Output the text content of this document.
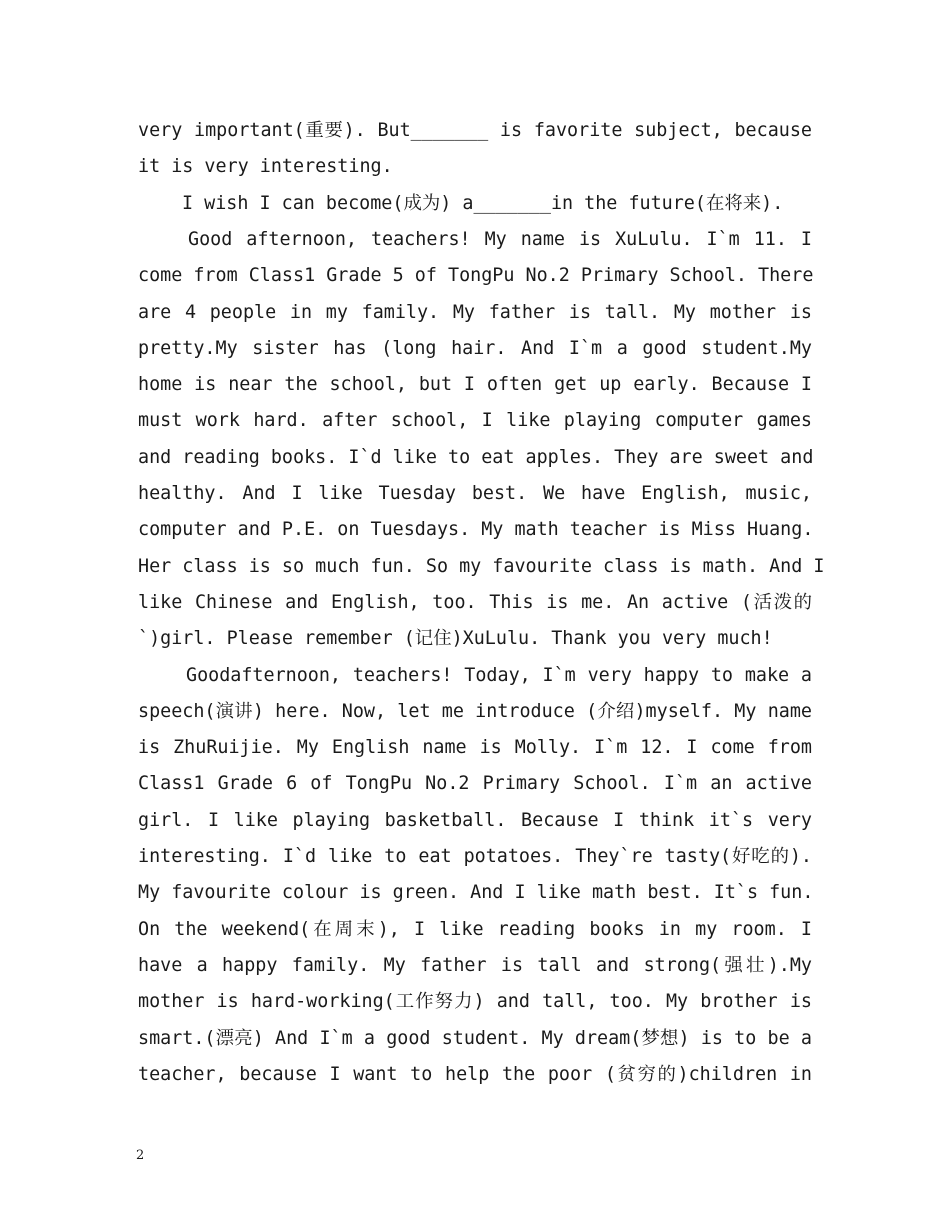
very important(重要). But_______ is favorite subject, because
it is very interesting.
I wish I can become(成为) a_______in the future(在将来).
Good afternoon, teachers! My name is XuLulu. I`m 11. I
come from Class1 Grade 5 of TongPu No.2 Primary School. There
are 4 people in my family. My father is tall. My mother is
pretty.My sister has (long hair. And I`m a good student.My
home is near the school, but I often get up early. Because I
must work hard. after school, I like playing computer games
and reading books. I`d like to eat apples. They are sweet and
healthy. And I like Tuesday best. We have English, music,
computer and P.E. on Tuesdays. My math teacher is Miss Huang.
Her class is so much fun. So my favourite class is math. And I
like Chinese and English, too. This is me. An active (活泼的
`)girl. Please remember (记住)XuLulu. Thank you very much!
Goodafternoon, teachers! Today, I`m very happy to make a
speech(演讲) here. Now, let me introduce (介绍)myself. My name
is ZhuRuijie. My English name is Molly. I`m 12. I come from
Class1 Grade 6 of TongPu No.2 Primary School. I`m an active
girl. I like playing basketball. Because I think it`s very
interesting. I`d like to eat potatoes. They`re tasty(好吃的).
My favourite colour is green. And I like math best. It`s fun.
On the weekend(在周末), I like reading books in my room. I
have a happy family. My father is tall and strong(强壮).My
mother is hard-working(工作努力) and tall, too. My brother is
smart.(漂亮) And I`m a good student. My dream(梦想) is to be a
teacher, because I want to help the poor (贫穷的)children in
2
